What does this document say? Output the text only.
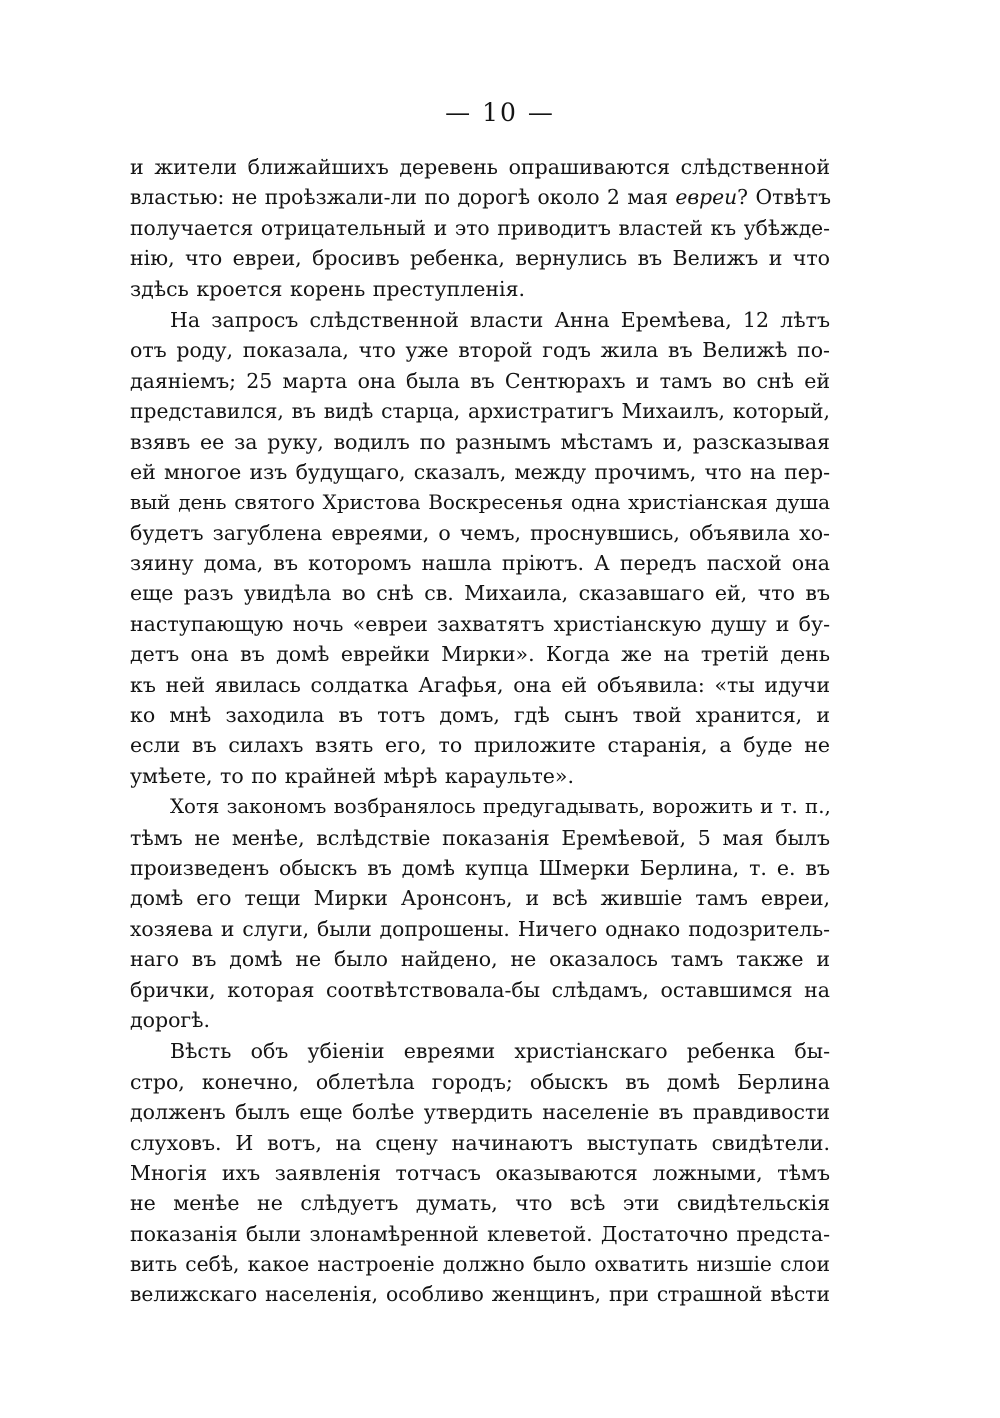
— 10 —
и жители ближайшихъ деревень опрашиваются слѣдственной
властью: не проѣзжали-ли по дорогѣ около 2 мая евреи? Отвѣтъ
получается отрицательный и это приводитъ властей къ убѣжде-
нію, что евреи, бросивъ ребенка, вернулись въ Велижъ и что
здѣсь кроется корень преступленія.
На запросъ слѣдственной власти Анна Еремѣева, 12 лѣтъ
отъ роду, показала, что уже второй годъ жила въ Велижѣ по-
даяніемъ; 25 марта она была въ Сентюрахъ и тамъ во снѣ ей
представился, въ видѣ старца, архистратигъ Михаилъ, который,
взявъ ее за руку, водилъ по разнымъ мѣстамъ и, разсказывая
ей многое изъ будущаго, сказалъ, между прочимъ, что на пер-
вый день святого Христова Воскресенья одна христіанская душа
будетъ загублена евреями, о чемъ, проснувшись, объявила хо-
зяину дома, въ которомъ нашла пріютъ. А передъ пасхой она
еще разъ увидѣла во снѣ св. Михаила, сказавшаго ей, что въ
наступающую ночь «евреи захватятъ христіанскую душу и бу-
детъ она въ домѣ еврейки Мирки». Когда же на третій день
къ ней явилась солдатка Агафья, она ей объявила: «ты идучи
ко мнѣ заходила въ тотъ домъ, гдѣ сынъ твой хранится, и
если въ силахъ взять его, то приложите старанія, а буде не
умѣете, то по крайней мѣрѣ караульте».
Хотя закономъ возбранялось предугадывать, ворожить и т. п.,
тѣмъ не менѣе, вслѣдствіе показанія Еремѣевой, 5 мая былъ
произведенъ обыскъ въ домѣ купца Шмерки Берлина, т. е. въ
домѣ его тещи Мирки Аронсонъ, и всѣ жившіе тамъ евреи,
хозяева и слуги, были допрошены. Ничего однако подозритель-
наго въ домѣ не было найдено, не оказалось тамъ также и
брички, которая соотвѣтствовала-бы слѣдамъ, оставшимся на
дорогѣ.
Вѣсть объ убіеніи евреями христіанскаго ребенка бы-
стро, конечно, облетѣла городъ; обыскъ въ домѣ Берлина
долженъ былъ еще болѣе утвердить населеніе въ правдивости
слуховъ. И вотъ, на сцену начинаютъ выступать свидѣтели.
Многія ихъ заявленія тотчасъ оказываются ложными, тѣмъ
не менѣе не слѣдуетъ думать, что всѣ эти свидѣтельскія
показанія были злонамѣренной клеветой. Достаточно предста-
вить себѣ, какое настроеніе должно было охватить низшіе слои
велижскаго населенія, особливо женщинъ, при страшной вѣсти
